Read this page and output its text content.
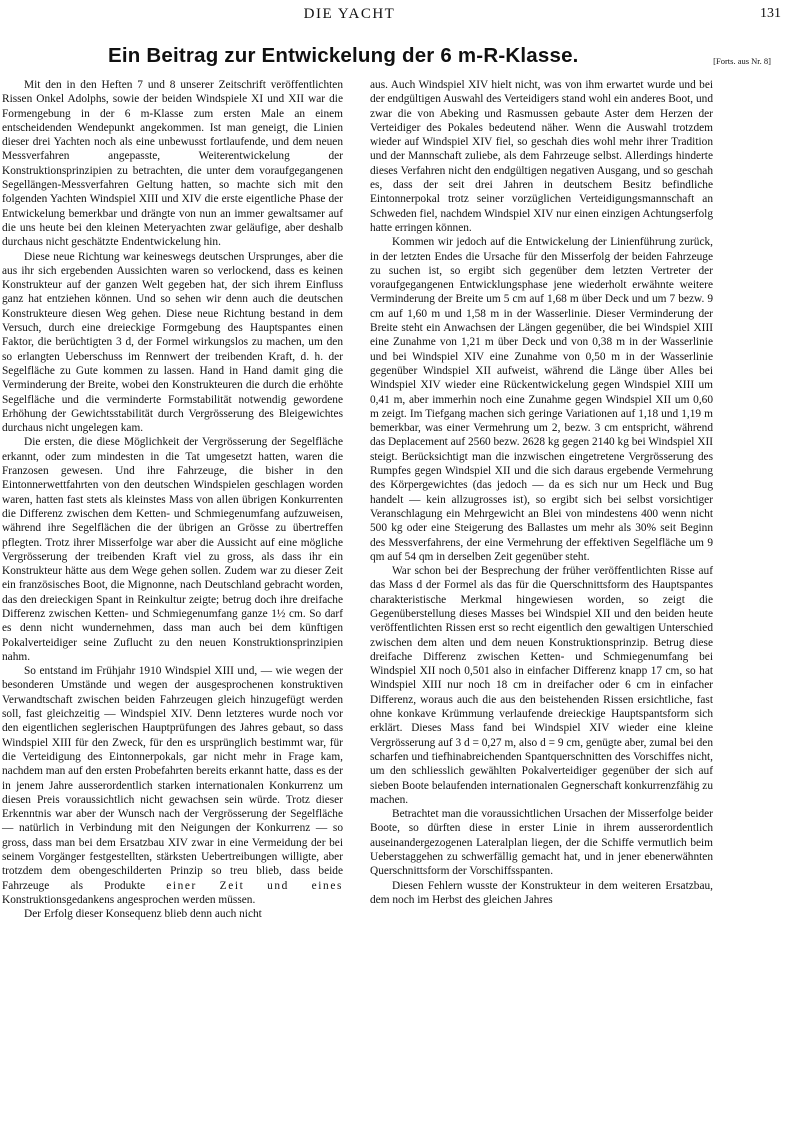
DIE YACHT	131
Ein Beitrag zur Entwickelung der 6 m-R-Klasse.	[Forts. aus Nr. 8]

Mit den in den Heften 7 und 8 unserer Zeitschrift veröffentlichten Rissen Onkel Adolphs, sowie der beiden Windspiele XI und XII war die Formengebung in der 6 m-Klasse zum ersten Male an einem entscheidenden Wendepunkt angekommen. Ist man geneigt, die Linien dieser drei Yachten noch als eine unbewusst fortlaufende, und dem neuen Messverfahren angepasste, Weiterentwickelung der Konstruktionsprinzipien zu betrachten, die unter dem voraufgegangenen Segellängen-Messverfahren Geltung hatten, so machte sich mit den folgenden Yachten Windspiel XIII und XIV die erste eigentliche Phase der Entwickelung bemerkbar und drängte von nun an immer gewaltsamer auf die uns heute bei den kleinen Meteryachten zwar geläufige, aber deshalb durchaus nicht geschätzte Endentwickelung hin.

Diese neue Richtung war keineswegs deutschen Ursprunges, aber die aus ihr sich ergebenden Aussichten waren so verlockend, dass es keinen Konstrukteur auf der ganzen Welt gegeben hat, der sich ihrem Einfluss ganz hat entziehen können. Und so sehen wir denn auch die deutschen Konstrukteure diesen Weg gehen. Diese neue Richtung bestand in dem Versuch, durch eine dreieckige Formgebung des Hauptspantes einen Faktor, die berüchtigten 3 d, der Formel wirkungslos zu machen, um den so erlangten Ueberschuss im Rennwert der treibenden Kraft, d. h. der Segelfläche zu Gute kommen zu lassen. Hand in Hand damit ging die Verminderung der Breite, wobei den Konstrukteuren die durch die erhöhte Segelfläche und die verminderte Formstabilität notwendig gewordene Erhöhung der Gewichtsstabilität durch Vergrösserung des Bleigewichtes durchaus nicht ungelegen kam.

Die ersten, die diese Möglichkeit der Vergrösserung der Segelfläche erkannt, oder zum mindesten in die Tat umgesetzt hatten, waren die Franzosen gewesen. Und ihre Fahrzeuge, die bisher in den Eintonnerwettfahrten von den deutschen Windspielen geschlagen worden waren, hatten fast stets als kleinstes Mass von allen übrigen Konkurrenten die Differenz zwischen dem Ketten- und Schmiegenumfang aufzuweisen, während ihre Segelflächen die der übrigen an Grösse zu übertreffen pflegten. Trotz ihrer Misserfolge war aber die Aussicht auf eine mögliche Vergrösserung der treibenden Kraft viel zu gross, als dass ihr ein Konstrukteur hätte aus dem Wege gehen sollen. Zudem war zu dieser Zeit ein französisches Boot, die Mignonne, nach Deutschland gebracht worden, das den dreieckigen Spant in Reinkultur zeigte; betrug doch ihre dreifache Differenz zwischen Ketten- und Schmiegenumfang ganze 1½ cm. So darf es denn nicht wundernehmen, dass man auch bei dem künftigen Pokalverteidiger seine Zuflucht zu den neuen Konstruktionsprinzipien nahm.

So entstand im Frühjahr 1910 Windspiel XIII und, — wie wegen der besonderen Umstände und wegen der ausgesprochenen konstruktiven Verwandtschaft zwischen beiden Fahrzeugen gleich hinzugefügt werden soll, fast gleichzeitig — Windspiel XIV. Denn letzteres wurde noch vor den eigentlichen seglerischen Hauptprüfungen des Jahres gebaut, so dass Windspiel XIII für den Zweck, für den es ursprünglich bestimmt war, für die Verteidigung des Eintonnerpokals, gar nicht mehr in Frage kam, nachdem man auf den ersten Probefahrten bereits erkannt hatte, dass es der in jenem Jahre ausserordentlich starken internationalen Konkurrenz um diesen Preis voraussichtlich nicht gewachsen sein würde. Trotz dieser Erkenntnis war aber der Wunsch nach der Vergrösserung der Segelfläche — natürlich in Verbindung mit den Neigungen der Konkurrenz — so gross, dass man bei dem Ersatzbau XIV zwar in eine Vermeidung der bei seinem Vorgänger festgestellten, stärksten Uebertreibungen willigte, aber trotzdem dem obengeschilderten Prinzip so treu blieb, dass beide Fahrzeuge als Produkte einer Zeit und eines Konstruktionsgedankens angesprochen werden müssen.

Der Erfolg dieser Konsequenz blieb denn auch nicht

aus. Auch Windspiel XIV hielt nicht, was von ihm erwartet wurde und bei der endgültigen Auswahl des Verteidigers stand wohl ein anderes Boot, und zwar die von Abeking und Rasmussen gebaute Aster dem Herzen der Verteidiger des Pokales bedeutend näher. Wenn die Auswahl trotzdem wieder auf Windspiel XIV fiel, so geschah dies wohl mehr ihrer Tradition und der Mannschaft zuliebe, als dem Fahrzeuge selbst. Allerdings hinderte dieses Verfahren nicht den endgültigen negativen Ausgang, und so geschah es, dass der seit drei Jahren in deutschem Besitz befindliche Eintonnerpokal trotz seiner vorzüglichen Verteidigungsmannschaft an Schweden fiel, nachdem Windspiel XIV nur einen einzigen Achtungserfolg hatte erringen können.

Kommen wir jedoch auf die Entwickelung der Linienführung zurück, in der letzten Endes die Ursache für den Misserfolg der beiden Fahrzeuge zu suchen ist, so ergibt sich gegenüber dem letzten Vertreter der voraufgegangenen Entwicklungsphase jene wiederholt erwähnte weitere Verminderung der Breite um 5 cm auf 1,68 m über Deck und um 7 bezw. 9 cm auf 1,60 m und 1,58 m in der Wasserlinie. Dieser Verminderung der Breite steht ein Anwachsen der Längen gegenüber, die bei Windspiel XIII eine Zunahme von 1,21 m über Deck und von 0,38 m in der Wasserlinie und bei Windspiel XIV eine Zunahme von 0,50 m in der Wasserlinie gegenüber Windspiel XII aufweist, während die Länge über Alles bei Windspiel XIV wieder eine Rückentwickelung gegen Windspiel XIII um 0,41 m, aber immerhin noch eine Zunahme gegen Windspiel XII um 0,60 m zeigt. Im Tiefgang machen sich geringe Variationen auf 1,18 und 1,19 m bemerkbar, was einer Vermehrung um 2, bezw. 3 cm entspricht, während das Deplacement auf 2560 bezw. 2628 kg gegen 2140 kg bei Windspiel XII steigt. Berücksichtigt man die inzwischen eingetretene Vergrösserung des Rumpfes gegen Windspiel XII und die sich daraus ergebende Vermehrung des Körpergewichtes (das jedoch — da es sich nur um Heck und Bug handelt — kein allzugrosses ist), so ergibt sich bei selbst vorsichtiger Veranschlagung ein Mehrgewicht an Blei von mindestens 400 wenn nicht 500 kg oder eine Steigerung des Ballastes um mehr als 30% seit Beginn des Messverfahrens, der eine Vermehrung der effektiven Segelfläche um 9 qm auf 54 qm in derselben Zeit gegenüber steht.

War schon bei der Besprechung der früher veröffentlichten Risse auf das Mass d der Formel als das für die Querschnittsform des Hauptspantes charakteristische Merkmal hingewiesen worden, so zeigt die Gegenüberstellung dieses Masses bei Windspiel XII und den beiden heute veröffentlichten Rissen erst so recht eigentlich den gewaltigen Unterschied zwischen dem alten und dem neuen Konstruktionsprinzip. Betrug diese dreifache Differenz zwischen Ketten- und Schmiegenumfang bei Windspiel XII noch 0,501 also in einfacher Differenz knapp 17 cm, so hat Windspiel XIII nur noch 18 cm in dreifacher oder 6 cm in einfacher Differenz, woraus auch die aus den beistehenden Rissen ersichtliche, fast ohne konkave Krümmung verlaufende dreieckige Hauptspantsform sich erklärt. Dieses Mass fand bei Windspiel XIV wieder eine kleine Vergrösserung auf 3 d = 0,27 m, also d = 9 cm, genügte aber, zumal bei den scharfen und tiefhinabreichenden Spantquerschnitten des Vorschiffes nicht, um den schliesslich gewählten Pokalverteidiger gegenüber der sich auf sieben Boote belaufenden internationalen Gegnerschaft konkurrenzfähig zu machen.

Betrachtet man die voraussichtlichen Ursachen der Misserfolge beider Boote, so dürften diese in erster Linie in ihrem ausserordentlich auseinandergezogenen Lateralplan liegen, der die Schiffe vermutlich beim Ueberstaggehen zu schwerfällig gemacht hat, und in jener ebenerwähnten Querschnittsform der Vorschiffsspanten.

Diesen Fehlern wusste der Konstrukteur in dem weiteren Ersatzbau, dem noch im Herbst des gleichen Jahres
